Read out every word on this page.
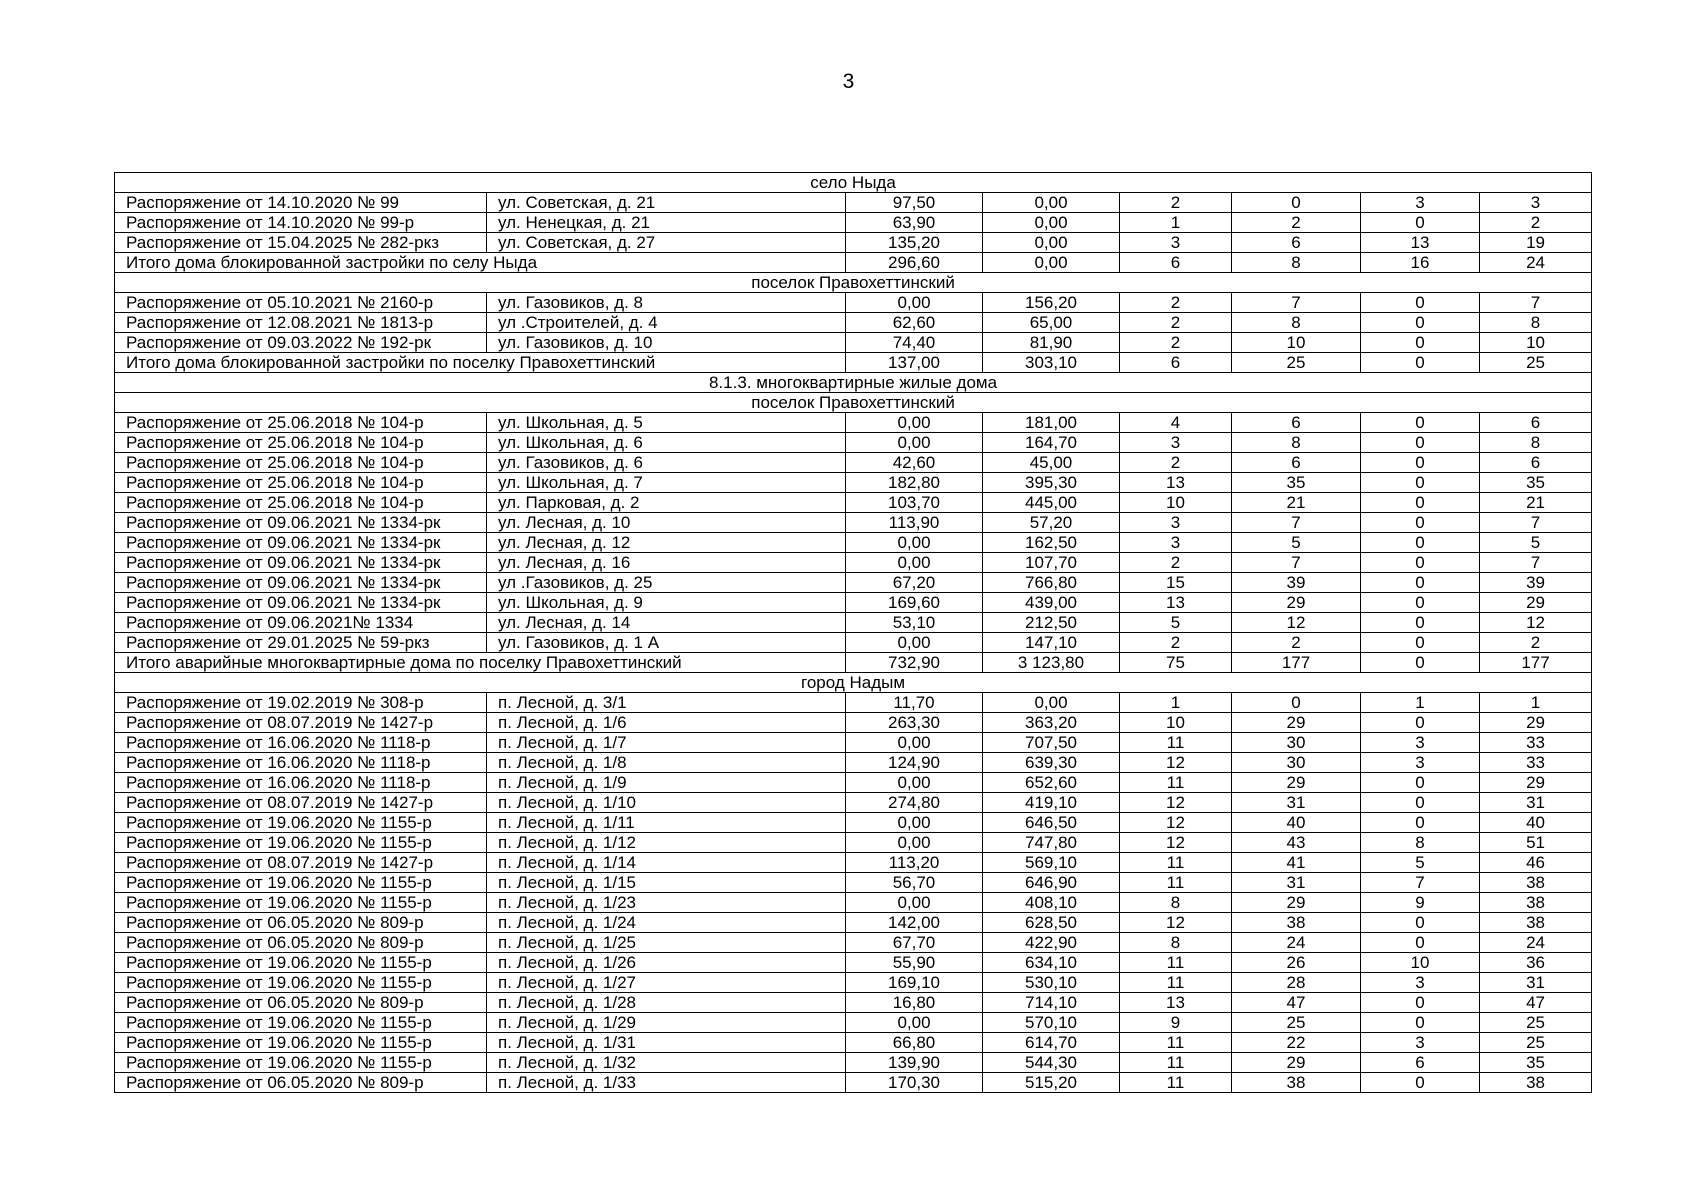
3
село Ныда							
Распоряжение от 14.10.2020 № 99	ул. Советская, д. 21	97,50	0,00	2	0	3	3
Распоряжение от 14.10.2020 № 99-р	ул. Ненецкая, д. 21	63,90	0,00	1	2	0	2
Распоряжение от 15.04.2025 № 282-ркз	ул. Советская, д. 27	135,20	0,00	3	6	13	19
Итого дома блокированной застройки по селу Ныда		296,60	0,00	6	8	16	24
поселок Правохеттинский							
Распоряжение от 05.10.2021 № 2160-р	ул. Газовиков, д. 8	0,00	156,20	2	7	0	7
Распоряжение от 12.08.2021 № 1813-р	ул .Строителей, д. 4	62,60	65,00	2	8	0	8
Распоряжение от 09.03.2022 № 192-рк	ул. Газовиков, д. 10	74,40	81,90	2	10	0	10
Итого дома блокированной застройки по поселку Правохеттинский		137,00	303,10	6	25	0	25
8.1.3. многоквартирные жилые дома							
поселок Правохеттинский							
Распоряжение от 25.06.2018 № 104-р	ул. Школьная, д. 5	0,00	181,00	4	6	0	6
Распоряжение от 25.06.2018 № 104-р	ул. Школьная, д. 6	0,00	164,70	3	8	0	8
Распоряжение от 25.06.2018 № 104-р	ул. Газовиков, д. 6	42,60	45,00	2	6	0	6
Распоряжение от 25.06.2018 № 104-р	ул. Школьная, д. 7	182,80	395,30	13	35	0	35
Распоряжение от 25.06.2018 № 104-р	ул. Парковая, д. 2	103,70	445,00	10	21	0	21
Распоряжение от 09.06.2021 № 1334-рк	ул. Лесная, д. 10	113,90	57,20	3	7	0	7
Распоряжение от 09.06.2021 № 1334-рк	ул. Лесная, д. 12	0,00	162,50	3	5	0	5
Распоряжение от 09.06.2021 № 1334-рк	ул. Лесная, д. 16	0,00	107,70	2	7	0	7
Распоряжение от 09.06.2021 № 1334-рк	ул .Газовиков, д. 25	67,20	766,80	15	39	0	39
Распоряжение от 09.06.2021 № 1334-рк	ул. Школьная, д. 9	169,60	439,00	13	29	0	29
Распоряжение от 09.06.2021№ 1334	ул. Лесная, д. 14	53,10	212,50	5	12	0	12
Распоряжение от 29.01.2025 № 59-ркз	ул. Газовиков, д. 1 А	0,00	147,10	2	2	0	2
Итого аварийные многоквартирные дома по поселку Правохеттинский		732,90	3 123,80	75	177	0	177
город Надым							
Распоряжение от 19.02.2019 № 308-р	п. Лесной, д. 3/1	11,70	0,00	1	0	1	1
Распоряжение от 08.07.2019 № 1427-р	п. Лесной, д. 1/6	263,30	363,20	10	29	0	29
Распоряжение от 16.06.2020 № 1118-р	п. Лесной, д. 1/7	0,00	707,50	11	30	3	33
Распоряжение от 16.06.2020 № 1118-р	п. Лесной, д. 1/8	124,90	639,30	12	30	3	33
Распоряжение от 16.06.2020 № 1118-р	п. Лесной, д. 1/9	0,00	652,60	11	29	0	29
Распоряжение от 08.07.2019 № 1427-р	п. Лесной, д. 1/10	274,80	419,10	12	31	0	31
Распоряжение от 19.06.2020 № 1155-р	п. Лесной, д. 1/11	0,00	646,50	12	40	0	40
Распоряжение от 19.06.2020 № 1155-р	п. Лесной, д. 1/12	0,00	747,80	12	43	8	51
Распоряжение от 08.07.2019 № 1427-р	п. Лесной, д. 1/14	113,20	569,10	11	41	5	46
Распоряжение от 19.06.2020 № 1155-р	п. Лесной, д. 1/15	56,70	646,90	11	31	7	38
Распоряжение от 19.06.2020 № 1155-р	п. Лесной, д. 1/23	0,00	408,10	8	29	9	38
Распоряжение от 06.05.2020 № 809-р	п. Лесной, д. 1/24	142,00	628,50	12	38	0	38
Распоряжение от 06.05.2020 № 809-р	п. Лесной, д. 1/25	67,70	422,90	8	24	0	24
Распоряжение от 19.06.2020 № 1155-р	п. Лесной, д. 1/26	55,90	634,10	11	26	10	36
Распоряжение от 19.06.2020 № 1155-р	п. Лесной, д. 1/27	169,10	530,10	11	28	3	31
Распоряжение от 06.05.2020 № 809-р	п. Лесной, д. 1/28	16,80	714,10	13	47	0	47
Распоряжение от 19.06.2020 № 1155-р	п. Лесной, д. 1/29	0,00	570,10	9	25	0	25
Распоряжение от 19.06.2020 № 1155-р	п. Лесной, д. 1/31	66,80	614,70	11	22	3	25
Распоряжение от 19.06.2020 № 1155-р	п. Лесной, д. 1/32	139,90	544,30	11	29	6	35
Распоряжение от 06.05.2020 № 809-р	п. Лесной, д. 1/33	170,30	515,20	11	38	0	38
